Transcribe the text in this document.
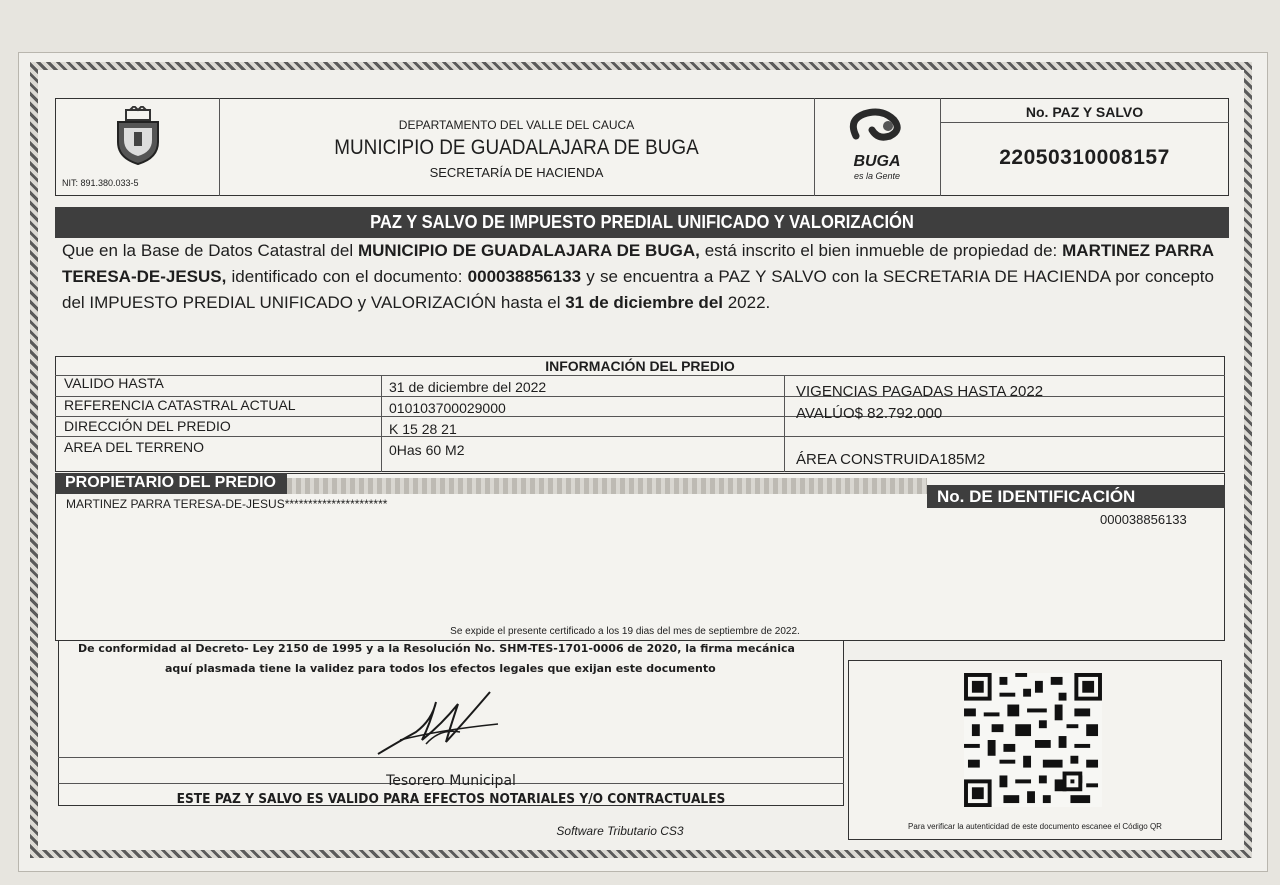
NIT: 891.380.033-5
DEPARTAMENTO DEL VALLE DEL CAUCA
MUNICIPIO DE GUADALAJARA DE BUGA
SECRETARÍA DE HACIENDA
BUGA
es la Gente
No. PAZ Y SALVO
22050310008157
PAZ Y SALVO DE IMPUESTO PREDIAL UNIFICADO Y VALORIZACIÓN
Que en la Base de Datos Catastral del MUNICIPIO DE GUADALAJARA DE BUGA, está inscrito el bien inmueble de propiedad de: MARTINEZ PARRA TERESA-DE-JESUS, identificado con el documento: 000038856133 y se encuentra a PAZ Y SALVO con la SECRETARIA DE HACIENDA por concepto del IMPUESTO PREDIAL UNIFICADO y VALORIZACIÓN hasta el 31 de diciembre del 2022.
INFORMACIÓN DEL PREDIO
VALIDO HASTA
REFERENCIA CATASTRAL ACTUAL
DIRECCIÓN DEL PREDIO
AREA DEL TERRENO
31 de diciembre del 2022
010103700029000
K 15 28 21
0Has 60 M2
VIGENCIAS PAGADAS HASTA 2022
AVALÚO$ 82.792.000
ÁREA CONSTRUIDA185M2
PROPIETARIO DEL PREDIO
No. DE IDENTIFICACIÓN
MARTINEZ PARRA TERESA-DE-JESUS**********************
000038856133
Se expide el presente certificado a los 19 dias del mes de septiembre de 2022.
De conformidad al Decreto- Ley 2150 de 1995 y a la Resolución No. SHM-TES-1701-0006 de 2020, la firma mecánica
aquí plasmada tiene la validez para todos los efectos legales que exijan este documento
Tesorero Municipal
ESTE PAZ Y SALVO ES VALIDO PARA EFECTOS NOTARIALES Y/O CONTRACTUALES
Software Tributario CS3	Para verificar la autenticidad de este documento escanee el Código QR
